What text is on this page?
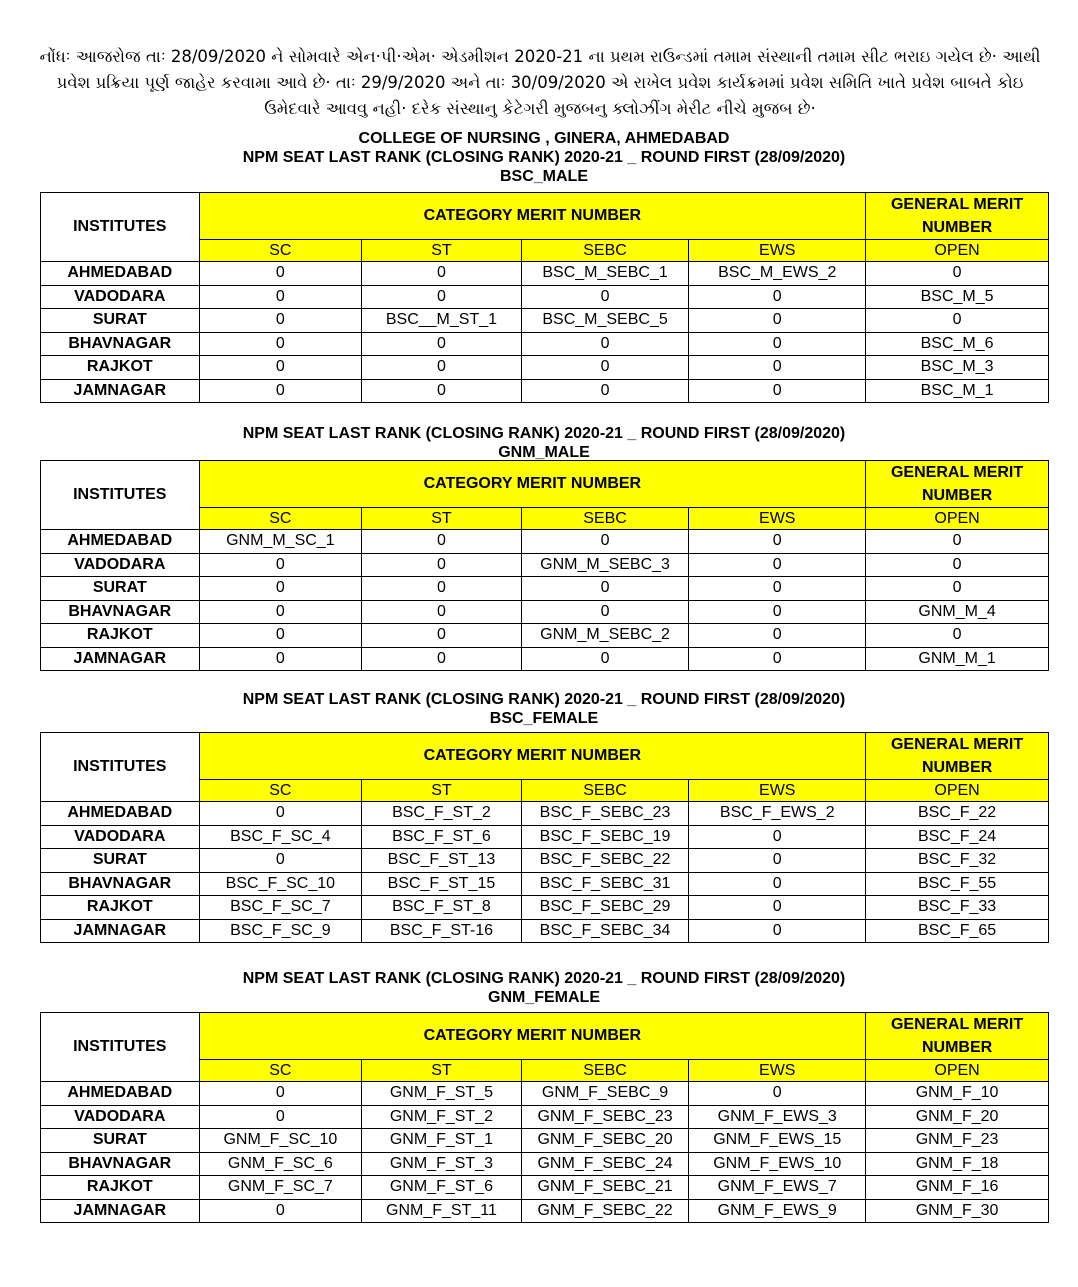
નોંધઃ આજરોજ તાઃ 28/09/2020 ને સોમવારે એન·પી·એમ· એડમીશન 2020-21 ના પ્રથમ રાઉન્ડમાં તમામ સંસ્થાની તમામ સીટ ભરાઇ ગયેલ છે· આથી
પ્રવેશ પ્રક્રિયા પૂર્ણ જાહેર કરવામા આવે છે· તાઃ 29/9/2020 અને તાઃ 30/09/2020 એ રાખેલ પ્રવેશ કાર્યક્રમમાં પ્રવેશ સમિતિ ખાતે પ્રવેશ બાબતે કોઇ
ઉમેદવારે આવવુ નહી· દરેક સંસ્થાનુ કેટેગરી મુજબનુ ક્લોઝીંગ મેરીટ નીચે મુજબ છે·
COLLEGE OF NURSING , GINERA, AHMEDABAD
NPM SEAT LAST RANK (CLOSING RANK) 2020-21 _ ROUND FIRST (28/09/2020)
BSC_MALE
INSTITUTES	CATEGORY MERIT NUMBER				GENERAL MERIT NUMBER
	SC	ST	SEBC	EWS	OPEN
AHMEDABAD	0	0	BSC_M_SEBC_1	BSC_M_EWS_2	0
VADODARA	0	0	0	0	BSC_M_5
SURAT	0	BSC__M_ST_1	BSC_M_SEBC_5	0	0
BHAVNAGAR	0	0	0	0	BSC_M_6
RAJKOT	0	0	0	0	BSC_M_3
JAMNAGAR	0	0	0	0	BSC_M_1
NPM SEAT LAST RANK (CLOSING RANK) 2020-21 _ ROUND FIRST (28/09/2020)
GNM_MALE
INSTITUTES	CATEGORY MERIT NUMBER				GENERAL MERIT NUMBER
	SC	ST	SEBC	EWS	OPEN
AHMEDABAD	GNM_M_SC_1	0	0	0	0
VADODARA	0	0	GNM_M_SEBC_3	0	0
SURAT	0	0	0	0	0
BHAVNAGAR	0	0	0	0	GNM_M_4
RAJKOT	0	0	GNM_M_SEBC_2	0	0
JAMNAGAR	0	0	0	0	GNM_M_1
NPM SEAT LAST RANK (CLOSING RANK) 2020-21 _ ROUND FIRST (28/09/2020)
BSC_FEMALE
INSTITUTES	CATEGORY MERIT NUMBER				GENERAL MERIT NUMBER
	SC	ST	SEBC	EWS	OPEN
AHMEDABAD	0	BSC_F_ST_2	BSC_F_SEBC_23	BSC_F_EWS_2	BSC_F_22
VADODARA	BSC_F_SC_4	BSC_F_ST_6	BSC_F_SEBC_19	0	BSC_F_24
SURAT	0	BSC_F_ST_13	BSC_F_SEBC_22	0	BSC_F_32
BHAVNAGAR	BSC_F_SC_10	BSC_F_ST_15	BSC_F_SEBC_31	0	BSC_F_55
RAJKOT	BSC_F_SC_7	BSC_F_ST_8	BSC_F_SEBC_29	0	BSC_F_33
JAMNAGAR	BSC_F_SC_9	BSC_F_ST-16	BSC_F_SEBC_34	0	BSC_F_65
NPM SEAT LAST RANK (CLOSING RANK) 2020-21 _ ROUND FIRST (28/09/2020)
GNM_FEMALE
INSTITUTES	CATEGORY MERIT NUMBER				GENERAL MERIT NUMBER
	SC	ST	SEBC	EWS	OPEN
AHMEDABAD	0	GNM_F_ST_5	GNM_F_SEBC_9	0	GNM_F_10
VADODARA	0	GNM_F_ST_2	GNM_F_SEBC_23	GNM_F_EWS_3	GNM_F_20
SURAT	GNM_F_SC_10	GNM_F_ST_1	GNM_F_SEBC_20	GNM_F_EWS_15	GNM_F_23
BHAVNAGAR	GNM_F_SC_6	GNM_F_ST_3	GNM_F_SEBC_24	GNM_F_EWS_10	GNM_F_18
RAJKOT	GNM_F_SC_7	GNM_F_ST_6	GNM_F_SEBC_21	GNM_F_EWS_7	GNM_F_16
JAMNAGAR	0	GNM_F_ST_11	GNM_F_SEBC_22	GNM_F_EWS_9	GNM_F_30
